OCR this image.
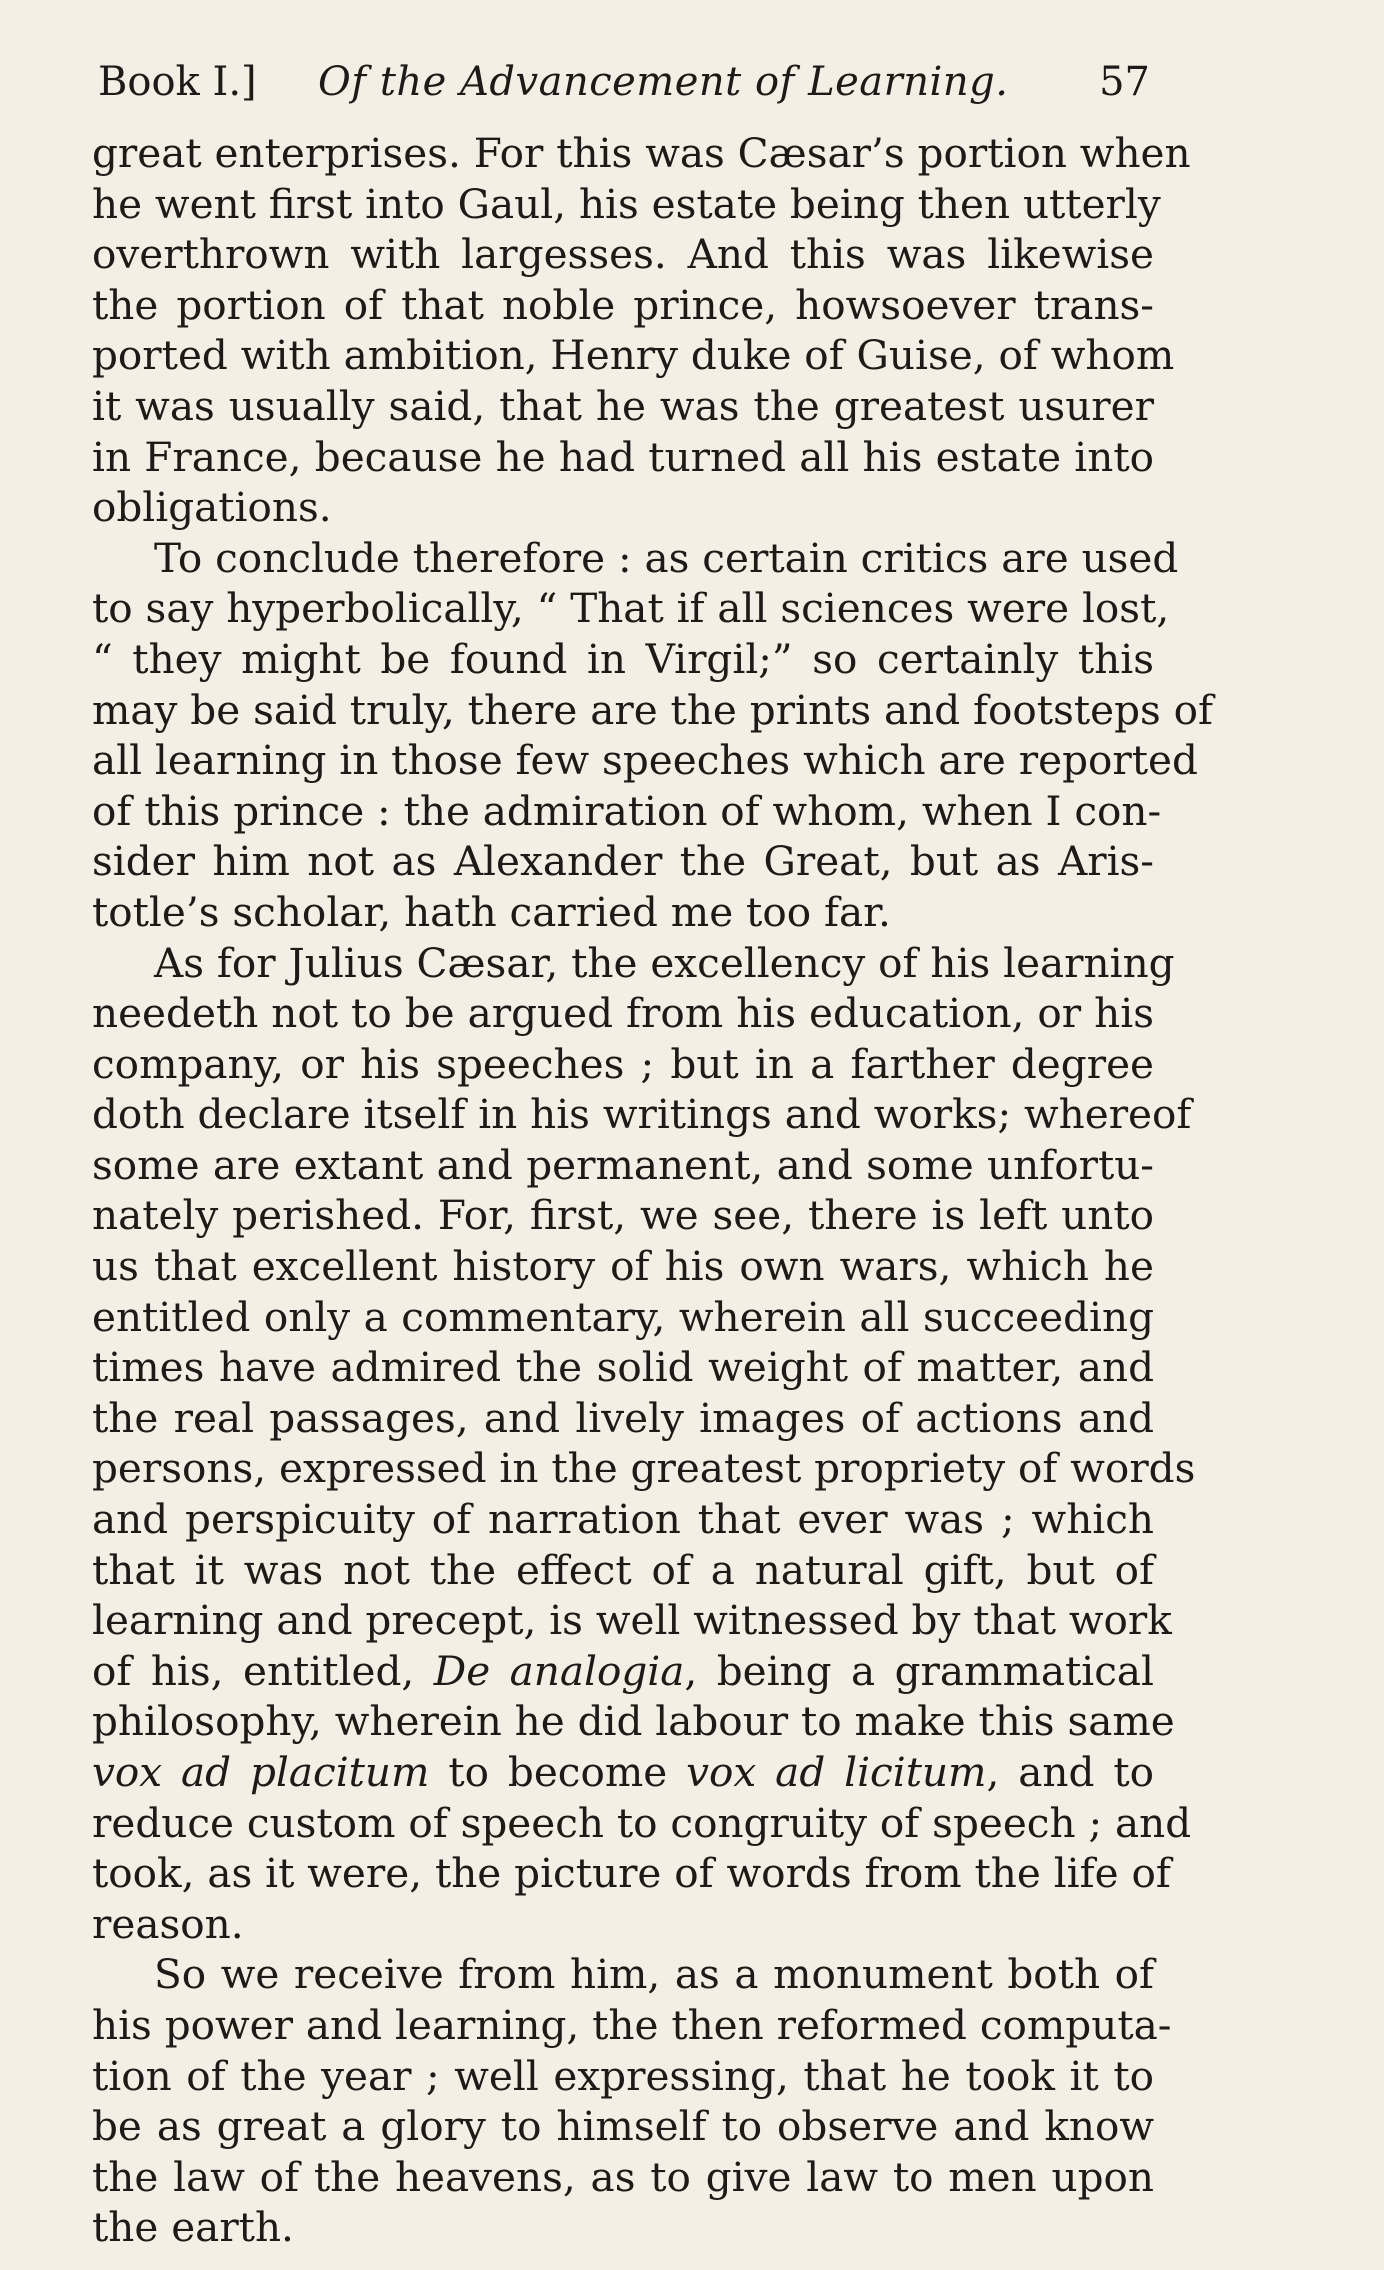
Book I.] Of the Advancement of Learning. 57
great enterprises. For this was Cæsar’s portion when
he went first into Gaul, his estate being then utterly
overthrown with largesses. And this was likewise
the portion of that noble prince, howsoever trans-
ported with ambition, Henry duke of Guise, of whom
it was usually said, that he was the greatest usurer
in France, because he had turned all his estate into
obligations.
To conclude therefore : as certain critics are used
to say hyperbolically, “ That if all sciences were lost,
“ they might be found in Virgil;” so certainly this
may be said truly, there are the prints and footsteps of
all learning in those few speeches which are reported
of this prince : the admiration of whom, when I con-
sider him not as Alexander the Great, but as Aris-
totle’s scholar, hath carried me too far.
As for Julius Cæsar, the excellency of his learning
needeth not to be argued from his education, or his
company, or his speeches ; but in a farther degree
doth declare itself in his writings and works; whereof
some are extant and permanent, and some unfortu-
nately perished. For, first, we see, there is left unto
us that excellent history of his own wars, which he
entitled only a commentary, wherein all succeeding
times have admired the solid weight of matter, and
the real passages, and lively images of actions and
persons, expressed in the greatest propriety of words
and perspicuity of narration that ever was ; which
that it was not the effect of a natural gift, but of
learning and precept, is well witnessed by that work
of his, entitled, De analogia, being a grammatical
philosophy, wherein he did labour to make this same
vox ad placitum to become vox ad licitum, and to
reduce custom of speech to congruity of speech ; and
took, as it were, the picture of words from the life of
reason.
So we receive from him, as a monument both of
his power and learning, the then reformed computa-
tion of the year ; well expressing, that he took it to
be as great a glory to himself to observe and know
the law of the heavens, as to give law to men upon
the earth.
